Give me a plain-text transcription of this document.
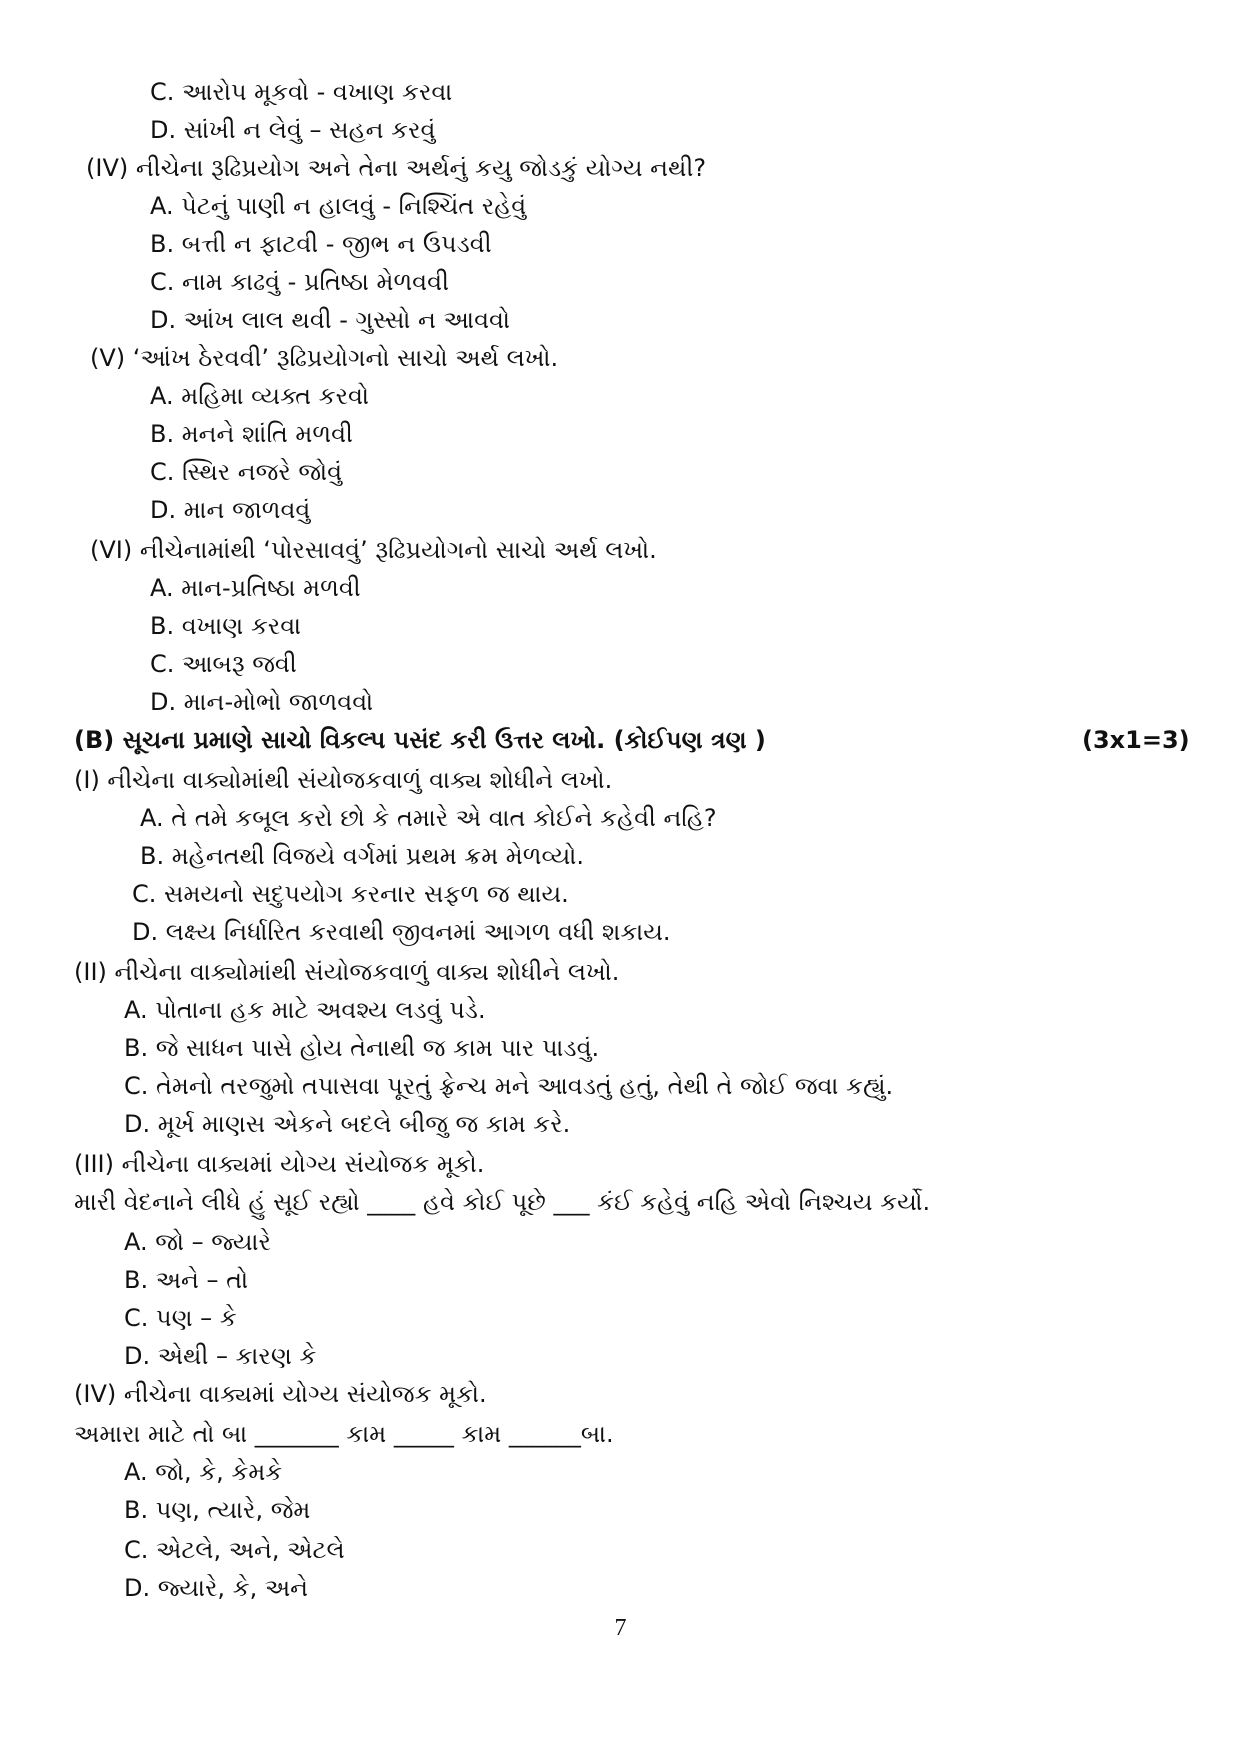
C. આરોપ મૂકવો - વખાણ કરવા
D. સાંખી ન લેવું – સહન કરવું
(IV) નીચેના રૂઢિપ્રયોગ અને તેના અર્થનું કયુ જોડકું યોગ્ય નથી?
A. પેટનું પાણી ન હાલવું - નિશ્ચિંત રહેવું
B. બત્તી ન ફાટવી - જીભ ન ઉપડવી
C. નામ કાઢવું - પ્રતિષ્ઠા મેળવવી
D. આંખ લાલ થવી - ગુસ્સો ન આવવો
(V) ‘આંખ ઠેરવવી’ રૂઢિપ્રયોગનો સાચો અર્થ લખો.
A. મહિમા વ્યક્ત કરવો
B. મનને શાંતિ મળવી
C. સ્થિર નજરે જોવું
D. માન જાળવવું
(VI) નીચેનામાંથી ‘પોરસાવવું’ રૂઢિપ્રયોગનો સાચો અર્થ લખો.
A. માન-પ્રતિષ્ઠા મળવી
B. વખાણ કરવા
C. આબરૂ જવી
D. માન-મોભો જાળવવો
(B) સૂચના પ્રમાણે સાચો વિકલ્પ પસંદ કરી ઉત્તર લખો. (કોઈપણ ત્રણ )	(3x1=3)
(I) નીચેના વાક્યોમાંથી સંયોજકવાળું વાક્ય શોધીને લખો.
A. તે તમે કબૂલ કરો છો કે તમારે એ વાત કોઈને કહેવી નહિ?
B. મહેનતથી વિજયે વર્ગમાં પ્રથમ ક્રમ મેળવ્યો.
C. સમયનો સદુપયોગ કરનાર સફળ જ થાય.
D. લક્ષ્ય નિર્ધારિત કરવાથી જીવનમાં આગળ વધી શકાય.
(II) નીચેના વાક્યોમાંથી સંયોજકવાળું વાક્ય શોધીને લખો.
A. પોતાના હક માટે અવશ્ય લડવું પડે.
B. જે સાધન પાસે હોય તેનાથી જ કામ પાર પાડવું.
C. તેમનો તરજુમો તપાસવા પૂરતું ફ્રેન્ચ મને આવડતું હતું, તેથી તે જોઈ જવા કહ્યું.
D. મૂર્ખ માણસ એકને બદલે બીજુ જ કામ કરે.
(III) નીચેના વાક્યમાં યોગ્ય સંયોજક મૂકો.
મારી વેદનાને લીધે હું સૂઈ રહ્યો ____ હવે કોઈ પૂછે ___ કંઈ કહેવું નહિ એવો નિશ્ચય કર્યો.
A. જો – જ્યારે
B. અને – તો
C. પણ – કે
D. એથી – કારણ કે
(IV) નીચેના વાક્યમાં યોગ્ય સંયોજક મૂકો.
અમારા માટે તો બા _______ કામ _____ કામ ______બા.
A. જો, કે, કેમકે
B. પણ, ત્યારે, જેમ
C. એટલે, અને, એટલે
D. જ્યારે, કે, અને
7
